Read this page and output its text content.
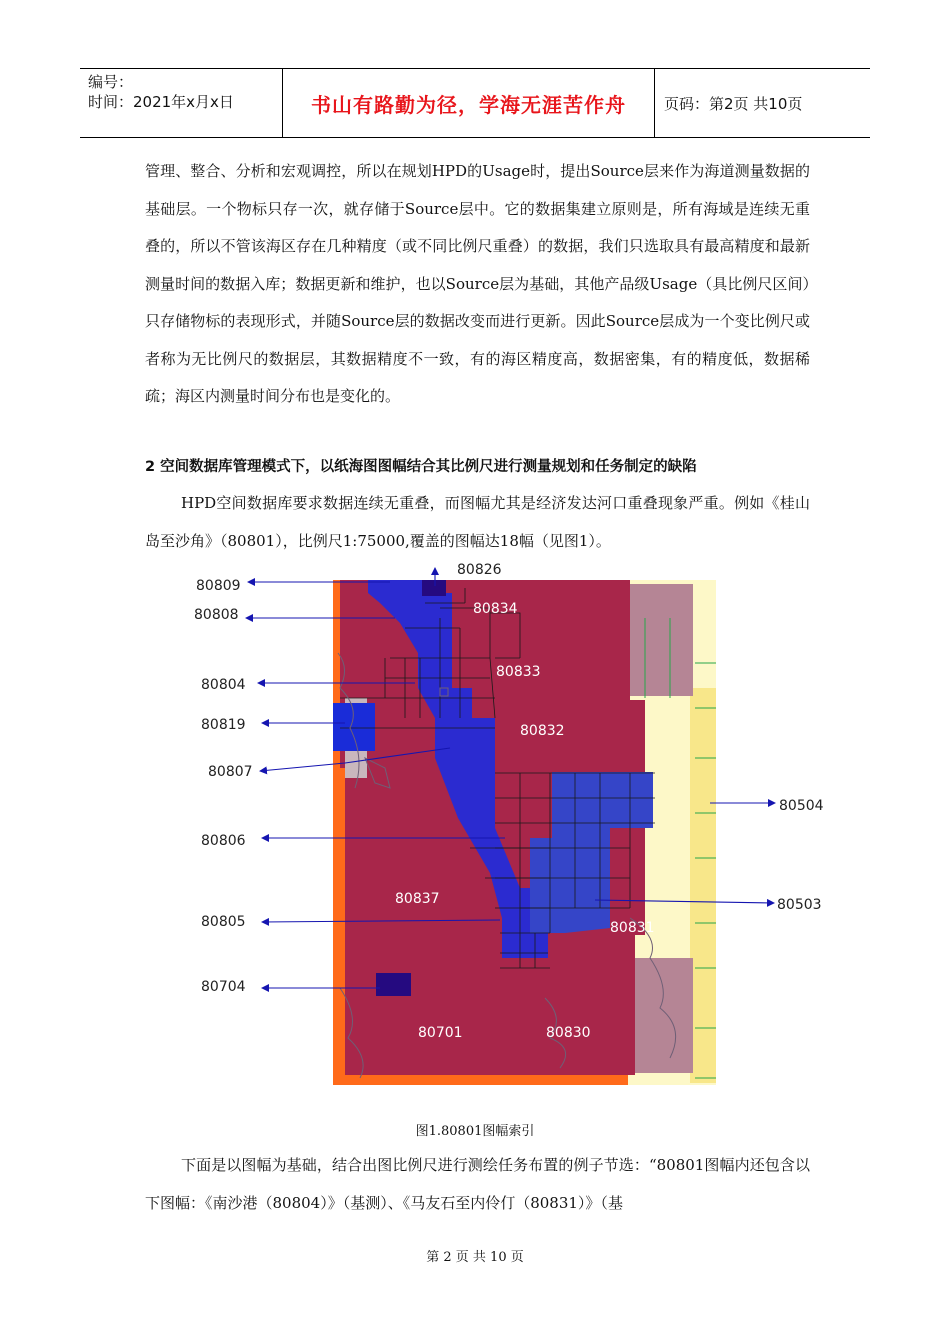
编号：
时间：2021年x月x日	书山有路勤为径，学海无涯苦作舟	页码：第2页 共10页

管理、整合、分析和宏观调控，所以在规划HPD的Usage时，提出Source层来作为海道测量数据的基础层。一个物标只存一次，就存储于Source层中。它的数据集建立原则是，所有海域是连续无重叠的，所以不管该海区存在几种精度（或不同比例尺重叠）的数据，我们只选取具有最高精度和最新测量时间的数据入库；数据更新和维护，也以Source层为基础，其他产品级Usage（具比例尺区间）只存储物标的表现形式，并随Source层的数据改变而进行更新。因此Source层成为一个变比例尺或者称为无比例尺的数据层，其数据精度不一致，有的海区精度高，数据密集，有的精度低，数据稀疏；海区内测量时间分布也是变化的。

2 空间数据库管理模式下，以纸海图图幅结合其比例尺进行测量规划和任务制定的缺陷

HPD空间数据库要求数据连续无重叠，而图幅尤其是经济发达河口重叠现象严重。例如《桂山岛至沙角》（80801），比例尺1:75000,覆盖的图幅达18幅（见图1）。

80809
80826
80808	80834
80804
80833
80819	80832
80807
80504
80806
80837	80503
80805	80831
80704
80701	80830
图1.80801图幅索引

下面是以图幅为基础，结合出图比例尺进行测绘任务布置的例子节选：“80801图幅内还包含以下图幅：《南沙港（80804）》（基测）、《马友石至内伶仃（80831）》（基

第 2 页 共 10 页
